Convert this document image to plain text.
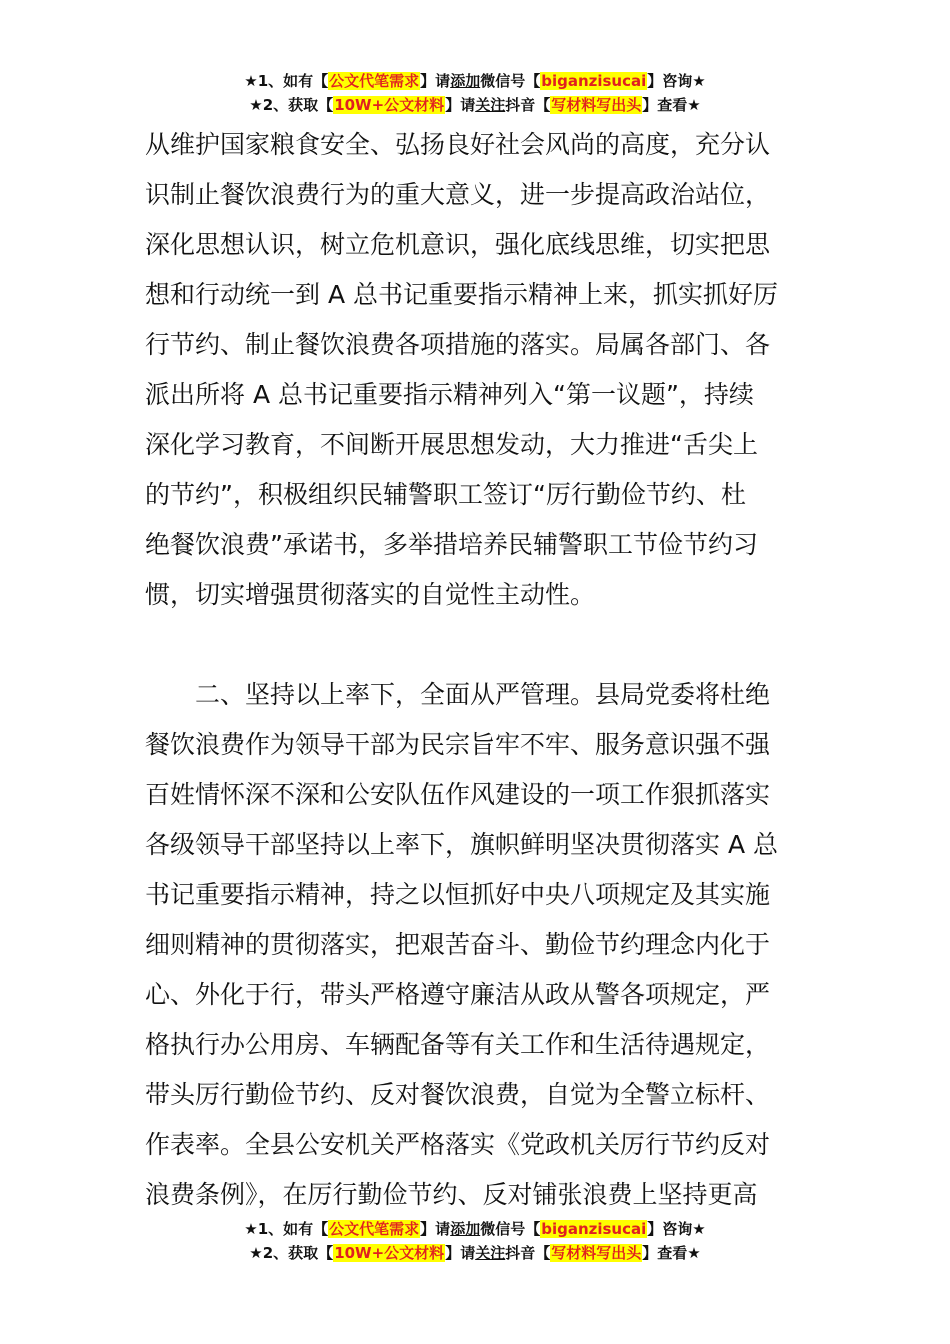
★1、如有【公文代笔需求】请添加微信号【biganzisucai】咨询★
★2、获取【10W+公文材料】请关注抖音【写材料写出头】查看★
从维护国家粮食安全、弘扬良好社会风尚的高度，充分认
识制止餐饮浪费行为的重大意义，进一步提高政治站位，
深化思想认识，树立危机意识，强化底线思维，切实把思
想和行动统一到 A 总书记重要指示精神上来，抓实抓好厉
行节约、制止餐饮浪费各项措施的落实。局属各部门、各
派出所将 A 总书记重要指示精神列入“第一议题”，持续
深化学习教育，不间断开展思想发动，大力推进“舌尖上
的节约”，积极组织民辅警职工签订“厉行勤俭节约、杜
绝餐饮浪费”承诺书，多举措培养民辅警职工节俭节约习
惯，切实增强贯彻落实的自觉性主动性。
　　二、坚持以上率下，全面从严管理。县局党委将杜绝
餐饮浪费作为领导干部为民宗旨牢不牢、服务意识强不强
百姓情怀深不深和公安队伍作风建设的一项工作狠抓落实
各级领导干部坚持以上率下，旗帜鲜明坚决贯彻落实 A 总
书记重要指示精神，持之以恒抓好中央八项规定及其实施
细则精神的贯彻落实，把艰苦奋斗、勤俭节约理念内化于
心、外化于行，带头严格遵守廉洁从政从警各项规定，严
格执行办公用房、车辆配备等有关工作和生活待遇规定，
带头厉行勤俭节约、反对餐饮浪费，自觉为全警立标杆、
作表率。全县公安机关严格落实《党政机关厉行节约反对
浪费条例》，在厉行勤俭节约、反对铺张浪费上坚持更高
★1、如有【公文代笔需求】请添加微信号【biganzisucai】咨询★
★2、获取【10W+公文材料】请关注抖音【写材料写出头】查看★
